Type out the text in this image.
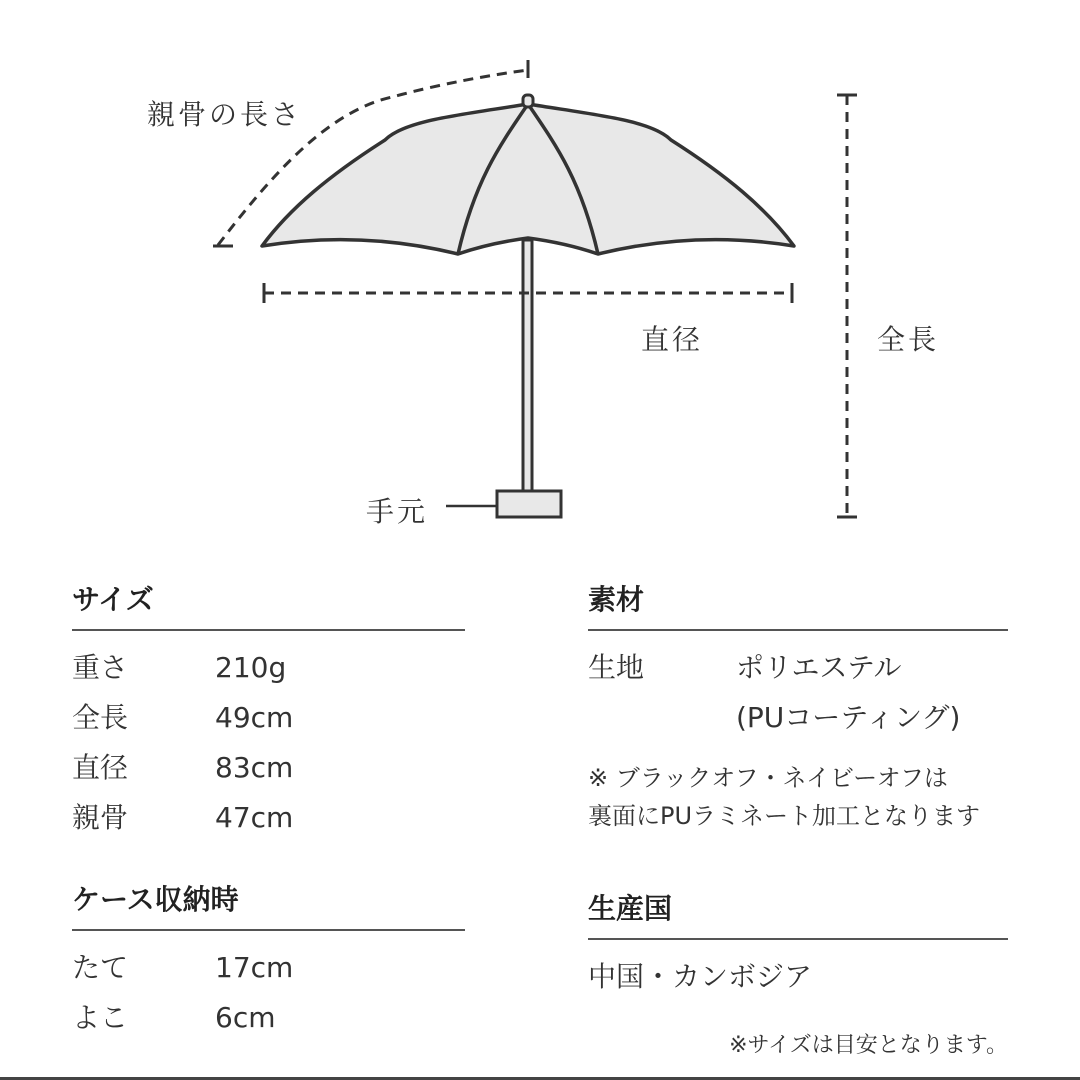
親骨の長さ
直径	全長
手元
サイズ
重さ	210g
全長	49cm
直径	83cm
親骨	47cm
ケース収納時
たて	17cm
よこ	6cm
素材
生地	ポリエステル
(PUコーティング)
※ ブラックオフ・ネイビーオフは
裏面にPUラミネート加工となります
生産国
中国・カンボジア
※サイズは目安となります。
